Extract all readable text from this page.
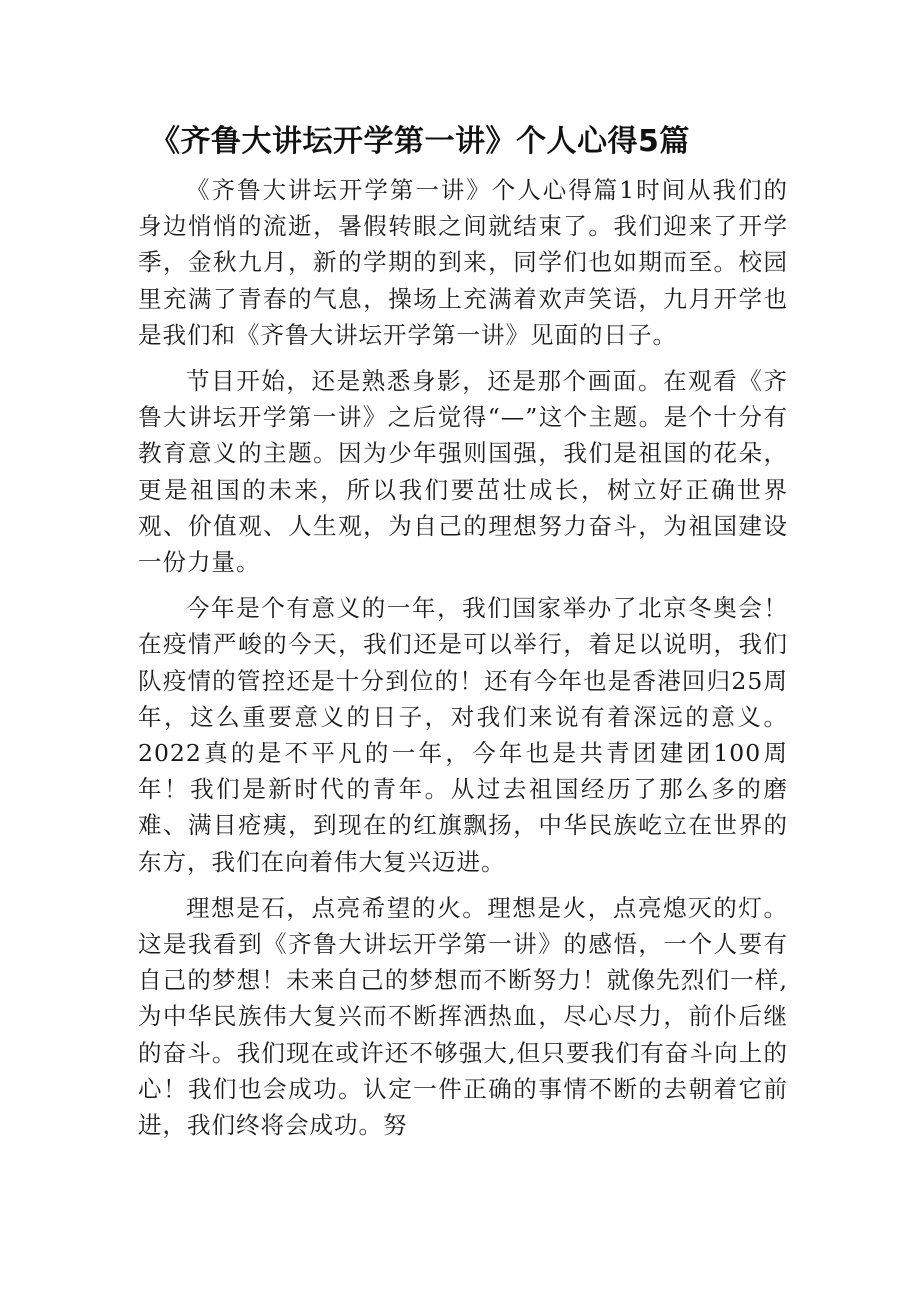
《齐鲁大讲坛开学第一讲》个人心得5篇

《齐鲁大讲坛开学第一讲》个人心得篇1时间从我们的身边悄悄的流逝，暑假转眼之间就结束了。我们迎来了开学季，金秋九月，新的学期的到来，同学们也如期而至。校园里充满了青春的气息，操场上充满着欢声笑语，九月开学也是我们和《齐鲁大讲坛开学第一讲》见面的日子。

节目开始，还是熟悉身影，还是那个画面。在观看《齐鲁大讲坛开学第一讲》之后觉得“—”这个主题。是个十分有教育意义的主题。因为少年强则国强，我们是祖国的花朵，更是祖国的未来，所以我们要茁壮成长，树立好正确世界观、价值观、人生观，为自己的理想努力奋斗，为祖国建设一份力量。

今年是个有意义的一年，我们国家举办了北京冬奥会！在疫情严峻的今天，我们还是可以举行，着足以说明，我们队疫情的管控还是十分到位的！还有今年也是香港回归25周年，这么重要意义的日子，对我们来说有着深远的意义。2022真的是不平凡的一年，今年也是共青团建团100周年！我们是新时代的青年。从过去祖国经历了那么多的磨难、满目疮痍，到现在的红旗飘扬，中华民族屹立在世界的东方，我们在向着伟大复兴迈进。

理想是石，点亮希望的火。理想是火，点亮熄灭的灯。这是我看到《齐鲁大讲坛开学第一讲》的感悟，一个人要有自己的梦想！未来自己的梦想而不断努力！就像先烈们一样,为中华民族伟大复兴而不断挥洒热血，尽心尽力，前仆后继的奋斗。我们现在或许还不够强大,但只要我们有奋斗向上的心！我们也会成功。认定一件正确的事情不断的去朝着它前进，我们终将会成功。努
